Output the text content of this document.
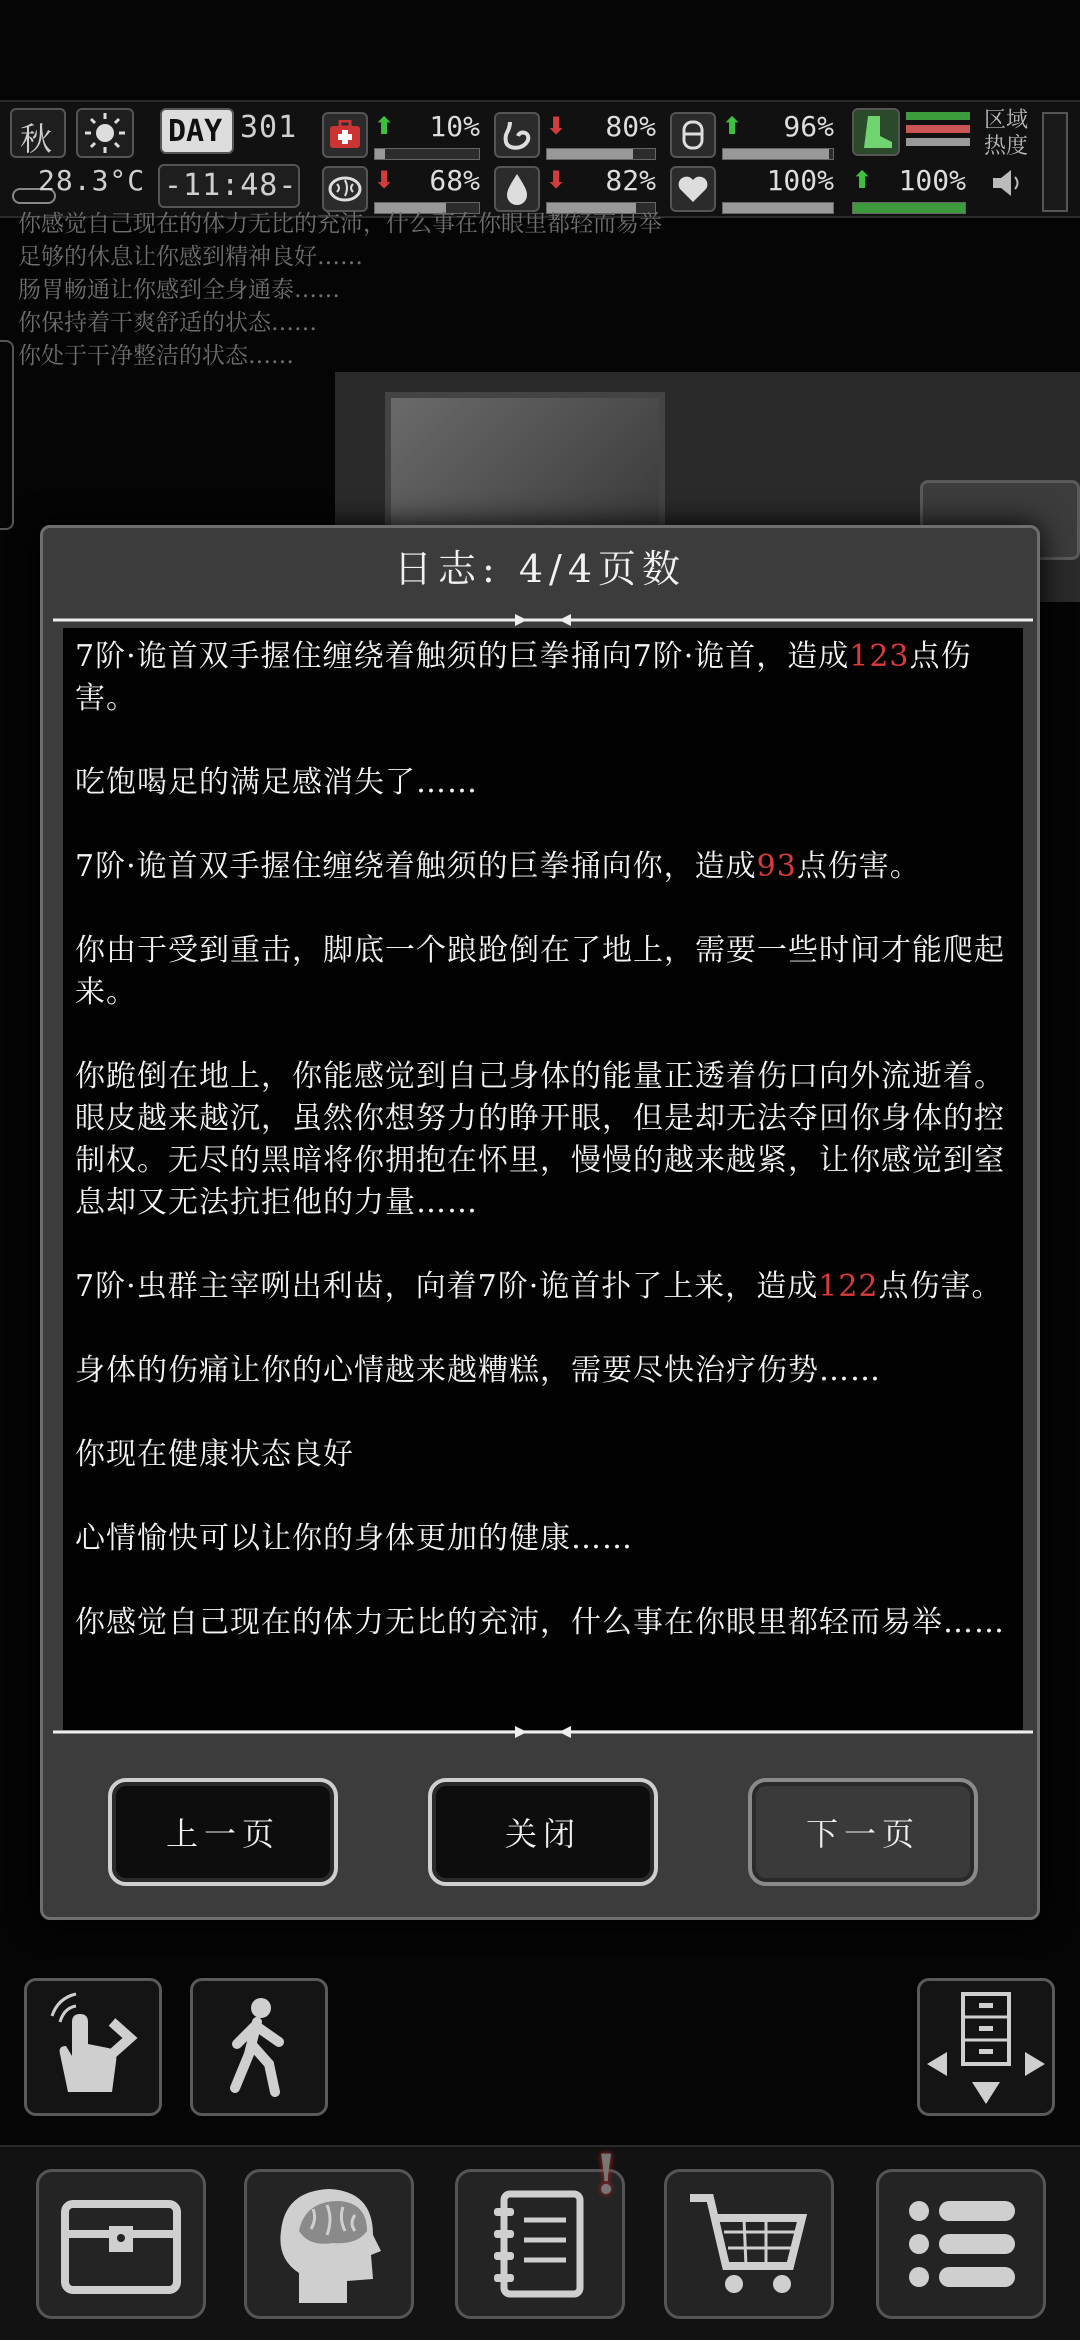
秋
28.3°C
DAY 301
-11:48-
⬆ 10%	⬇ 80%	⬆ 96%
⬇ 68%	⬇ 82%	100% ⬆ 100%
区域
热度
你感觉自己现在的体力无比的充沛，什么事在你眼里都轻而易举
足够的休息让你感到精神良好……
肠胃畅通让你感到全身通泰……
你保持着干爽舒适的状态……
你处于干净整洁的状态……
日志: 4/4页数
7阶·诡首双手握住缠绕着触须的巨拳捅向7阶·诡首，造成123点伤害。
吃饱喝足的满足感消失了……
7阶·诡首双手握住缠绕着触须的巨拳捅向你，造成93点伤害。
你由于受到重击，脚底一个踉跄倒在了地上，需要一些时间才能爬起来。
你跪倒在地上，你能感觉到自己身体的能量正透着伤口向外流逝着。眼皮越来越沉，虽然你想努力的睁开眼，但是却无法夺回你身体的控制权。无尽的黑暗将你拥抱在怀里，慢慢的越来越紧，让你感觉到窒息却又无法抗拒他的力量……
7阶·虫群主宰咧出利齿，向着7阶·诡首扑了上来，造成122点伤害。
身体的伤痛让你的心情越来越糟糕，需要尽快治疗伤势……
你现在健康状态良好
心情愉快可以让你的身体更加的健康……
你感觉自己现在的体力无比的充沛，什么事在你眼里都轻而易举……
上一页	关闭	下一页
!
